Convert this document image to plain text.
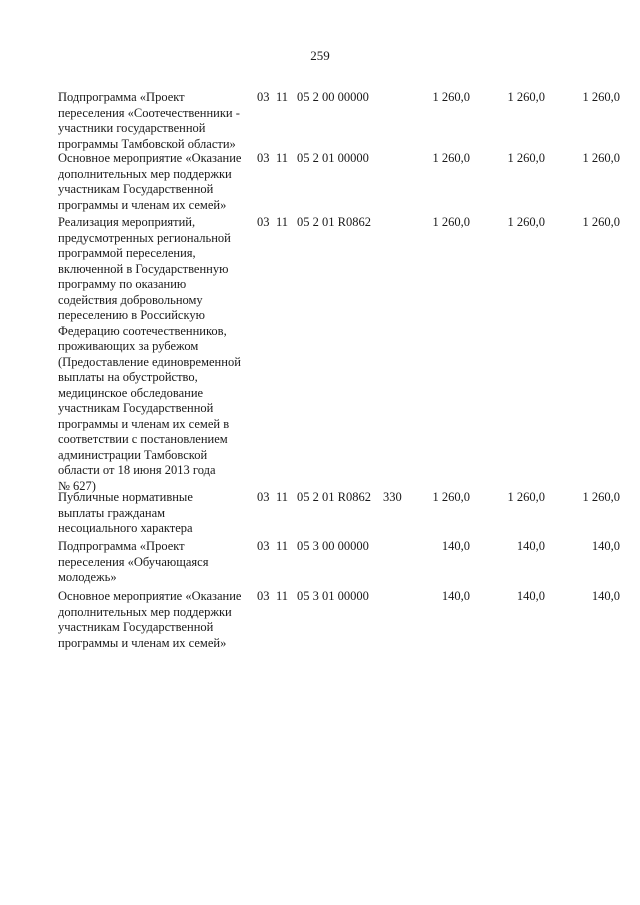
259
Подпрограмма «Проект
переселения «Соотечественники -
участники государственной
программы Тамбовской области»
03 11 05 2 00 00000	1 260,0	1 260,0	1 260,0
Основное мероприятие «Оказание
дополнительных мер поддержки
участникам Государственной
программы и членам их семей»
03 11 05 2 01 00000	1 260,0	1 260,0	1 260,0
Реализация мероприятий,
предусмотренных региональной
программой переселения,
включенной в Государственную
программу по оказанию
содействия добровольному
переселению в Российскую
Федерацию соотечественников,
проживающих за рубежом
(Предоставление единовременной
выплаты на обустройство,
медицинское обследование
участникам Государственной
программы и членам их семей в
соответствии с постановлением
администрации Тамбовской
области от 18 июня 2013 года
№ 627)
03 11 05 2 01 R0862	1 260,0	1 260,0	1 260,0
Публичные нормативные
выплаты гражданам
несоциального характера
03 11 05 2 01 R0862 330	1 260,0	1 260,0	1 260,0
Подпрограмма «Проект
переселения «Обучающаяся
молодежь»
03 11 05 3 00 00000	140,0	140,0	140,0
Основное мероприятие «Оказание
дополнительных мер поддержки
участникам Государственной
программы и членам их семей»
03 11 05 3 01 00000	140,0	140,0	140,0
